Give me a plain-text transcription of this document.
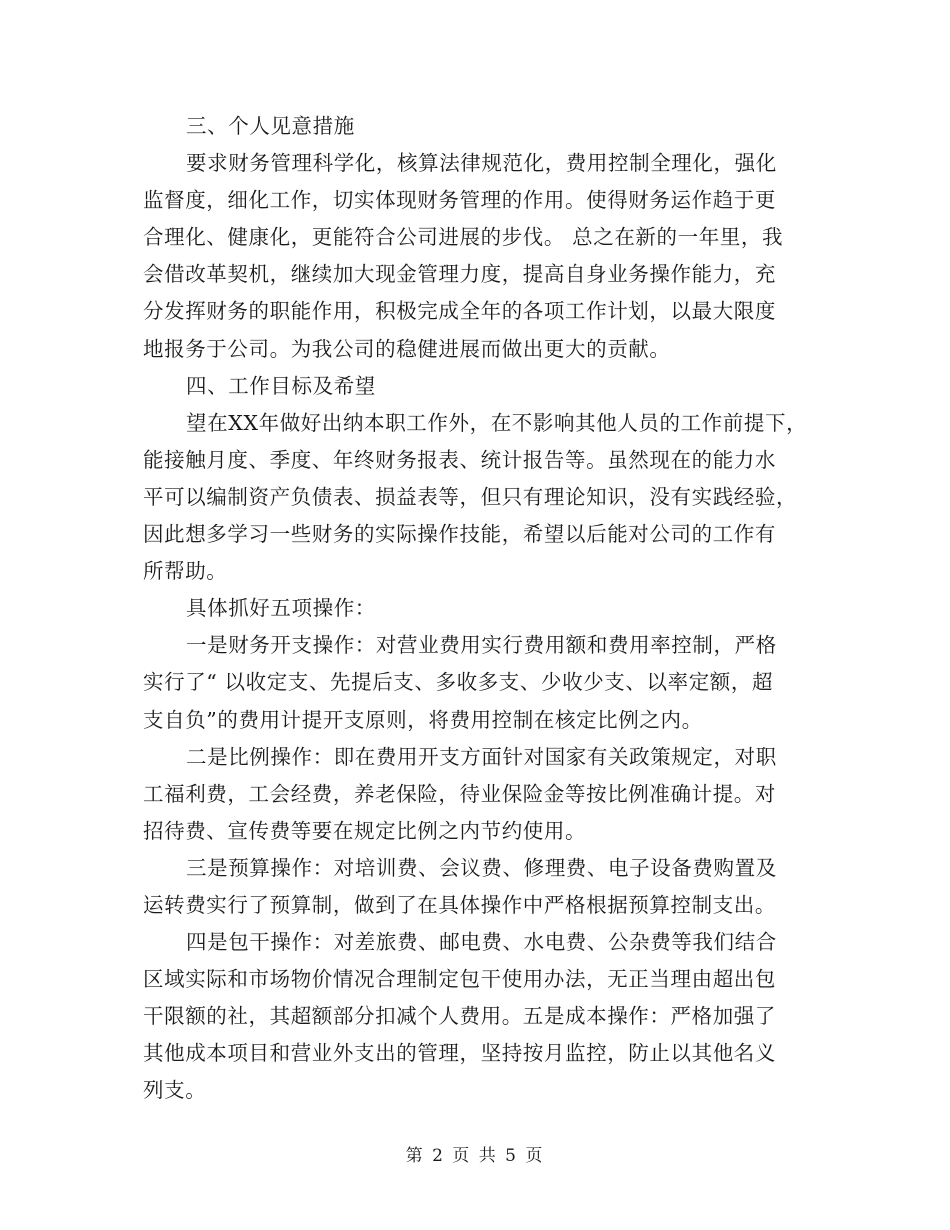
三、个人见意措施
要求财务管理科学化，核算法律规范化，费用控制全理化，强化
监督度，细化工作，切实体现财务管理的作用。使得财务运作趋于更
合理化、健康化，更能符合公司进展的步伐。 总之在新的一年里，我
会借改革契机，继续加大现金管理力度，提高自身业务操作能力，充
分发挥财务的职能作用，积极完成全年的各项工作计划，以最大限度
地报务于公司。为我公司的稳健进展而做出更大的贡献。
四、工作目标及希望
望在XX年做好出纳本职工作外，在不影响其他人员的工作前提下，
能接触月度、季度、年终财务报表、统计报告等。虽然现在的能力水
平可以编制资产负债表、损益表等，但只有理论知识，没有实践经验，
因此想多学习一些财务的实际操作技能，希望以后能对公司的工作有
所帮助。
具体抓好五项操作：
一是财务开支操作：对营业费用实行费用额和费用率控制，严格
实行了“ 以收定支、先提后支、多收多支、少收少支、以率定额，超
支自负”的费用计提开支原则，将费用控制在核定比例之内。
二是比例操作：即在费用开支方面针对国家有关政策规定，对职
工福利费，工会经费，养老保险，待业保险金等按比例准确计提。对
招待费、宣传费等要在规定比例之内节约使用。
三是预算操作：对培训费、会议费、修理费、电子设备费购置及
运转费实行了预算制，做到了在具体操作中严格根据预算控制支出。
四是包干操作：对差旅费、邮电费、水电费、公杂费等我们结合
区域实际和市场物价情况合理制定包干使用办法，无正当理由超出包
干限额的社，其超额部分扣减个人费用。五是成本操作：严格加强了
其他成本项目和营业外支出的管理，坚持按月监控，防止以其他名义
列支。
第 2 页 共 5 页
